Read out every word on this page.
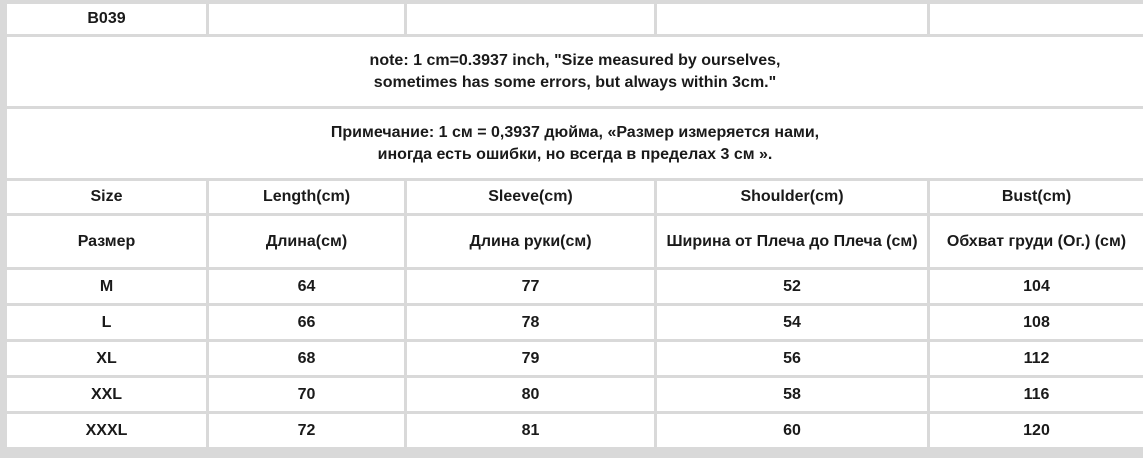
B039				

note: 1 cm=0.3937 inch, "Size measured by ourselves,
sometimes has some errors, but always within 3cm."				

Примечание: 1 см = 0,3937 дюйма, «Размер измеряется нами,
иногда есть ошибки, но всегда в пределах 3 см ».				

Size	Length(cm)	Sleeve(cm)	Shoulder(cm)	Bust(cm)
Размер	Длина(см)	Длина руки(см)	Ширина от Плеча до Плеча (см)	Обхват груди (Ог.) (см)
M	64	77	52	104
L	66	78	54	108
XL	68	79	56	112
XXL	70	80	58	116
XXXL	72	81	60	120
